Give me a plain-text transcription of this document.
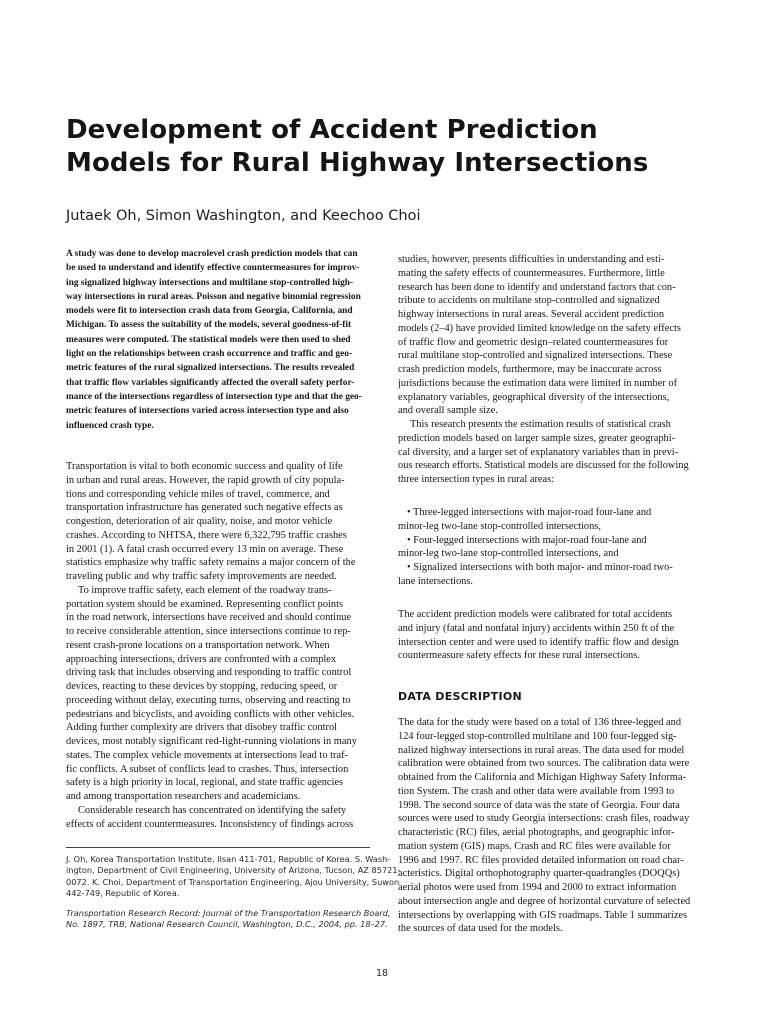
Development of Accident Prediction
Models for Rural Highway Intersections

Jutaek Oh, Simon Washington, and Keechoo Choi

A study was done to develop macrolevel crash prediction models that can
be used to understand and identify effective countermeasures for improv-
ing signalized highway intersections and multilane stop-controlled high-
way intersections in rural areas. Poisson and negative binomial regression
models were fit to intersection crash data from Georgia, California, and
Michigan. To assess the suitability of the models, several goodness-of-fit
measures were computed. The statistical models were then used to shed
light on the relationships between crash occurrence and traffic and geo-
metric features of the rural signalized intersections. The results revealed
that traffic flow variables significantly affected the overall safety perfor-
mance of the intersections regardless of intersection type and that the geo-
metric features of intersections varied across intersection type and also
influenced crash type.
Transportation is vital to both economic success and quality of life
in urban and rural areas. However, the rapid growth of city popula-
tions and corresponding vehicle miles of travel, commerce, and
transportation infrastructure has generated such negative effects as
congestion, deterioration of air quality, noise, and motor vehicle
crashes. According to NHTSA, there were 6,322,795 traffic crashes
in 2001 (1). A fatal crash occurred every 13 min on average. These
statistics emphasize why traffic safety remains a major concern of the
traveling public and why traffic safety improvements are needed.
To improve traffic safety, each element of the roadway trans-
portation system should be examined. Representing conflict points
in the road network, intersections have received and should continue
to receive considerable attention, since intersections continue to rep-
resent crash-prone locations on a transportation network. When
approaching intersections, drivers are confronted with a complex
driving task that includes observing and responding to traffic control
devices, reacting to these devices by stopping, reducing speed, or
proceeding without delay, executing turns, observing and reacting to
pedestrians and bicyclists, and avoiding conflicts with other vehicles.
Adding further complexity are drivers that disobey traffic control
devices, most notably significant red-light-running violations in many
states. The complex vehicle movements at intersections lead to traf-
fic conflicts. A subset of conflicts lead to crashes. Thus, intersection
safety is a high priority in local, regional, and state traffic agencies
and among transportation researchers and academicians.
Considerable research has concentrated on identifying the safety
effects of accident countermeasures. Inconsistency of findings across
studies, however, presents difficulties in understanding and esti-
mating the safety effects of countermeasures. Furthermore, little
research has been done to identify and understand factors that con-
tribute to accidents on multilane stop-controlled and signalized
highway intersections in rural areas. Several accident prediction
models (2–4) have provided limited knowledge on the safety effects
of traffic flow and geometric design–related countermeasures for
rural multilane stop-controlled and signalized intersections. These
crash prediction models, furthermore, may be inaccurate across
jurisdictions because the estimation data were limited in number of
explanatory variables, geographical diversity of the intersections,
and overall sample size.
This research presents the estimation results of statistical crash
prediction models based on larger sample sizes, greater geographi-
cal diversity, and a larger set of explanatory variables than in previ-
ous research efforts. Statistical models are discussed for the following
three intersection types in rural areas:
• Three-legged intersections with major-road four-lane and
minor-leg two-lane stop-controlled intersections,
• Four-legged intersections with major-road four-lane and
minor-leg two-lane stop-controlled intersections, and
• Signalized intersections with both major- and minor-road two-
lane intersections.
The accident prediction models were calibrated for total accidents
and injury (fatal and nonfatal injury) accidents within 250 ft of the
intersection center and were used to identify traffic flow and design
countermeasure safety effects for these rural intersections.
DATA DESCRIPTION
The data for the study were based on a total of 136 three-legged and
124 four-legged stop-controlled multilane and 100 four-legged sig-
nalized highway intersections in rural areas. The data used for model
calibration were obtained from two sources. The calibration data were
obtained from the California and Michigan Highway Safety Informa-
tion System. The crash and other data were available from 1993 to
1998. The second source of data was the state of Georgia. Four data
sources were used to study Georgia intersections: crash files, roadway
characteristic (RC) files, aerial photographs, and geographic infor-
mation system (GIS) maps. Crash and RC files were available for
1996 and 1997. RC files provided detailed information on road char-
acteristics. Digital orthophotography quarter-quadrangles (DOQQs)
aerial photos were used from 1994 and 2000 to extract information
about intersection angle and degree of horizontal curvature of selected
intersections by overlapping with GIS roadmaps. Table 1 summarizes
the sources of data used for the models.
J. Oh, Korea Transportation Institute, Ilsan 411-701, Republic of Korea. S. Wash-
ington, Department of Civil Engineering, University of Arizona, Tucson, AZ 85721-
0072. K. Choi, Department of Transportation Engineering, Ajou University, Suwon
442-749, Republic of Korea.
Transportation Research Record: Journal of the Transportation Research Board,
No. 1897, TRB, National Research Council, Washington, D.C., 2004, pp. 18–27.

18
